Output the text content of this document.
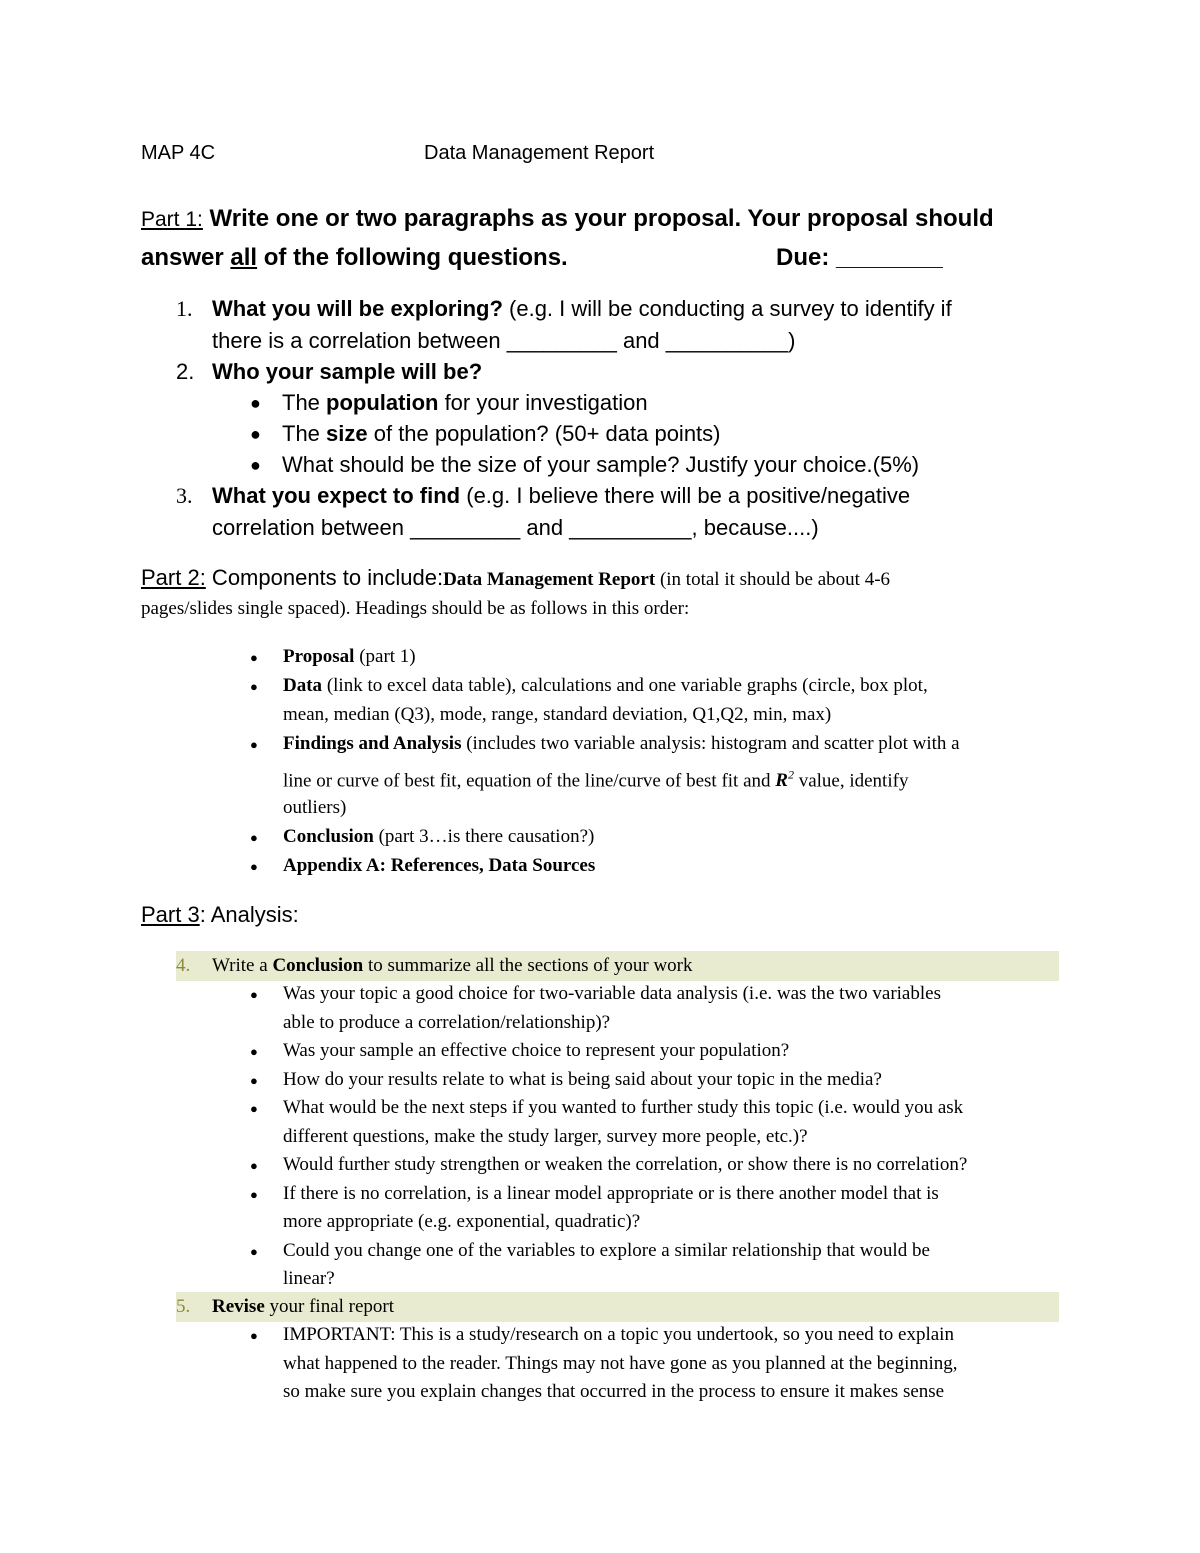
MAP 4C	Data Management Report
Part 1: Write one or two paragraphs as your proposal. Your proposal should
answer all of the following questions.	Due: ________
1. What you will be exploring? (e.g. I will be conducting a survey to identify if
there is a correlation between _________ and __________)
2. Who your sample will be?
● The population for your investigation
● The size of the population? (50+ data points)
● What should be the size of your sample? Justify your choice.(5%)
3. What you expect to find (e.g. I believe there will be a positive/negative
correlation between _________ and __________, because....)
Part 2: Components to include:Data Management Report (in total it should be about 4-6
pages/slides single spaced). Headings should be as follows in this order:
● Proposal (part 1)
● Data (link to excel data table), calculations and one variable graphs (circle, box plot,
mean, median (Q3), mode, range, standard deviation, Q1,Q2, min, max)
● Findings and Analysis (includes two variable analysis: histogram and scatter plot with a
line or curve of best fit, equation of the line/curve of best fit and $R^2$ value, identify
outliers)
● Conclusion (part 3…is there causation?)
● Appendix A: References, Data Sources
Part 3: Analysis:
4. Write a Conclusion to summarize all the sections of your work
● Was your topic a good choice for two-variable data analysis (i.e. was the two variables
able to produce a correlation/relationship)?
● Was your sample an effective choice to represent your population?
● How do your results relate to what is being said about your topic in the media?
● What would be the next steps if you wanted to further study this topic (i.e. would you ask
different questions, make the study larger, survey more people, etc.)?
● Would further study strengthen or weaken the correlation, or show there is no correlation?
● If there is no correlation, is a linear model appropriate or is there another model that is
more appropriate (e.g. exponential, quadratic)?
● Could you change one of the variables to explore a similar relationship that would be
linear?
5. Revise your final report
● IMPORTANT: This is a study/research on a topic you undertook, so you need to explain
what happened to the reader. Things may not have gone as you planned at the beginning,
so make sure you explain changes that occurred in the process to ensure it makes sense
